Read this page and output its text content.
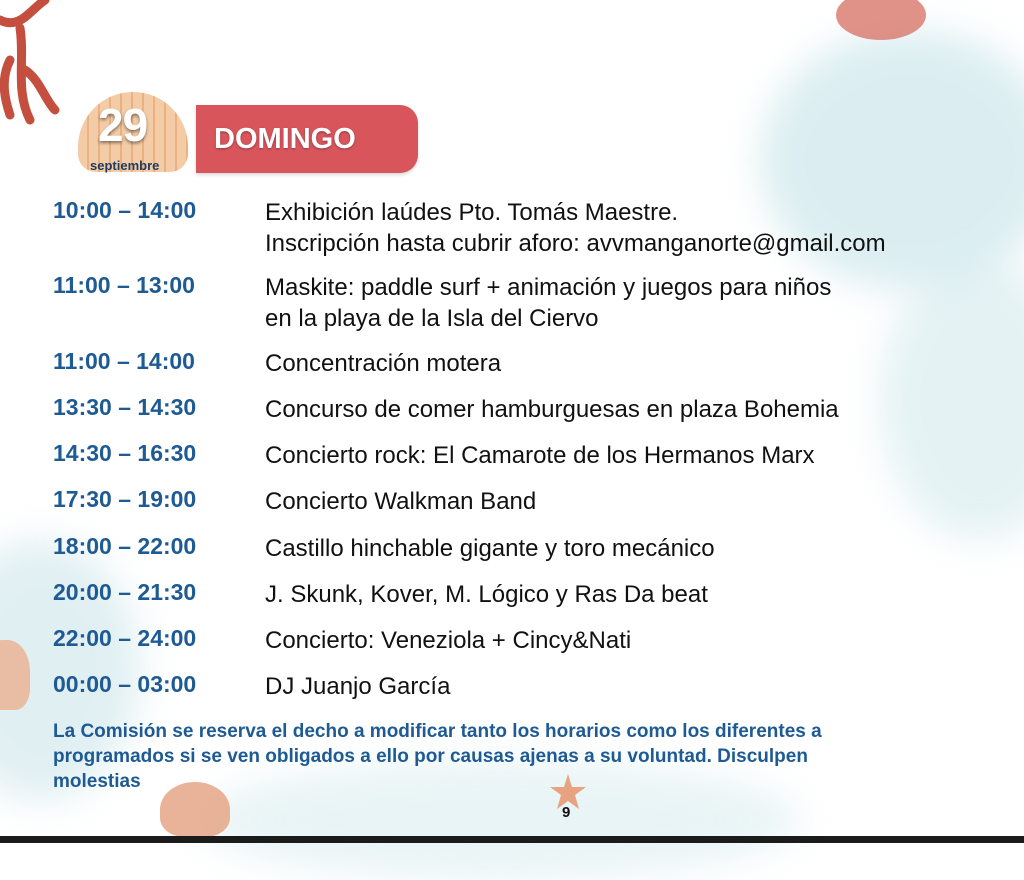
29
septiembre
DOMINGO
10:00 – 14:00	Exhibición laúdes Pto. Tomás Maestre.
Inscripción hasta cubrir aforo: avvmanganorte@gmail.com
11:00 – 13:00	Maskite: paddle surf + animación y juegos para niños
en la playa de la Isla del Ciervo
11:00 – 14:00	Concentración motera
13:30 – 14:30	Concurso de comer hamburguesas en plaza Bohemia
14:30 – 16:30	Concierto rock: El Camarote de los Hermanos Marx
17:30 – 19:00	Concierto Walkman Band
18:00 – 22:00	Castillo hinchable gigante y toro mecánico
20:00 – 21:30	J. Skunk, Kover, M. Lógico y Ras Da beat
22:00 – 24:00	Concierto: Veneziola + Cincy&Nati
00:00 – 03:00	DJ Juanjo García
La Comisión se reserva el decho a modificar tanto los horarios como los diferentes a
programados si se ven obligados a ello por causas ajenas a su voluntad. Disculpen
molestias
9
